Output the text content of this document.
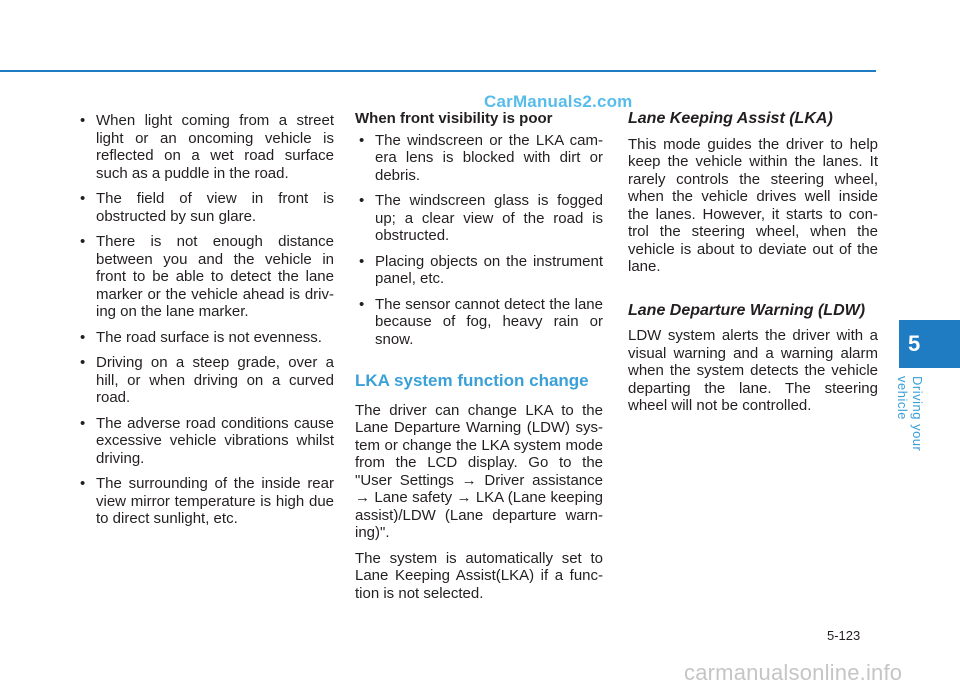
CarManuals2.com
• When light coming from a street light or an oncoming vehicle is reflected on a wet road surface such as a puddle in the road.
• The field of view in front is obstructed by sun glare.
• There is not enough distance between you and the vehicle in front to be able to detect the lane marker or the vehicle ahead is driv-ing on the lane marker.
• The road surface is not evenness.
• Driving on a steep grade, over a hill, or when driving on a curved road.
• The adverse road conditions cause excessive vehicle vibrations whilst driving.
• The surrounding of the inside rear view mirror temperature is high due to direct sunlight, etc.
When front visibility is poor
• The windscreen or the LKA cam-era lens is blocked with dirt or debris.
• The windscreen glass is fogged up; a clear view of the road is obstructed.
• Placing objects on the instrument panel, etc.
• The sensor cannot detect the lane because of fog, heavy rain or snow.
LKA system function change

The driver can change LKA to the Lane Departure Warning (LDW) sys-tem or change the LKA system mode from the LCD display. Go to the "User Settings → Driver assistance → Lane safety → LKA (Lane keeping assist)/LDW (Lane departure warn-ing)".

The system is automatically set to Lane Keeping Assist(LKA) if a func-tion is not selected.

Lane Keeping Assist (LKA)

This mode guides the driver to help keep the vehicle within the lanes. It rarely controls the steering wheel, when the vehicle drives well inside the lanes. However, it starts to con-trol the steering wheel, when the vehicle is about to deviate out of the lane.

Lane Departure Warning (LDW)

LDW system alerts the driver with a visual warning and a warning alarm when the system detects the vehicle departing the lane. The steering wheel will not be controlled.

5
Driving your vehicle
5-123
carmanualsonline.info
